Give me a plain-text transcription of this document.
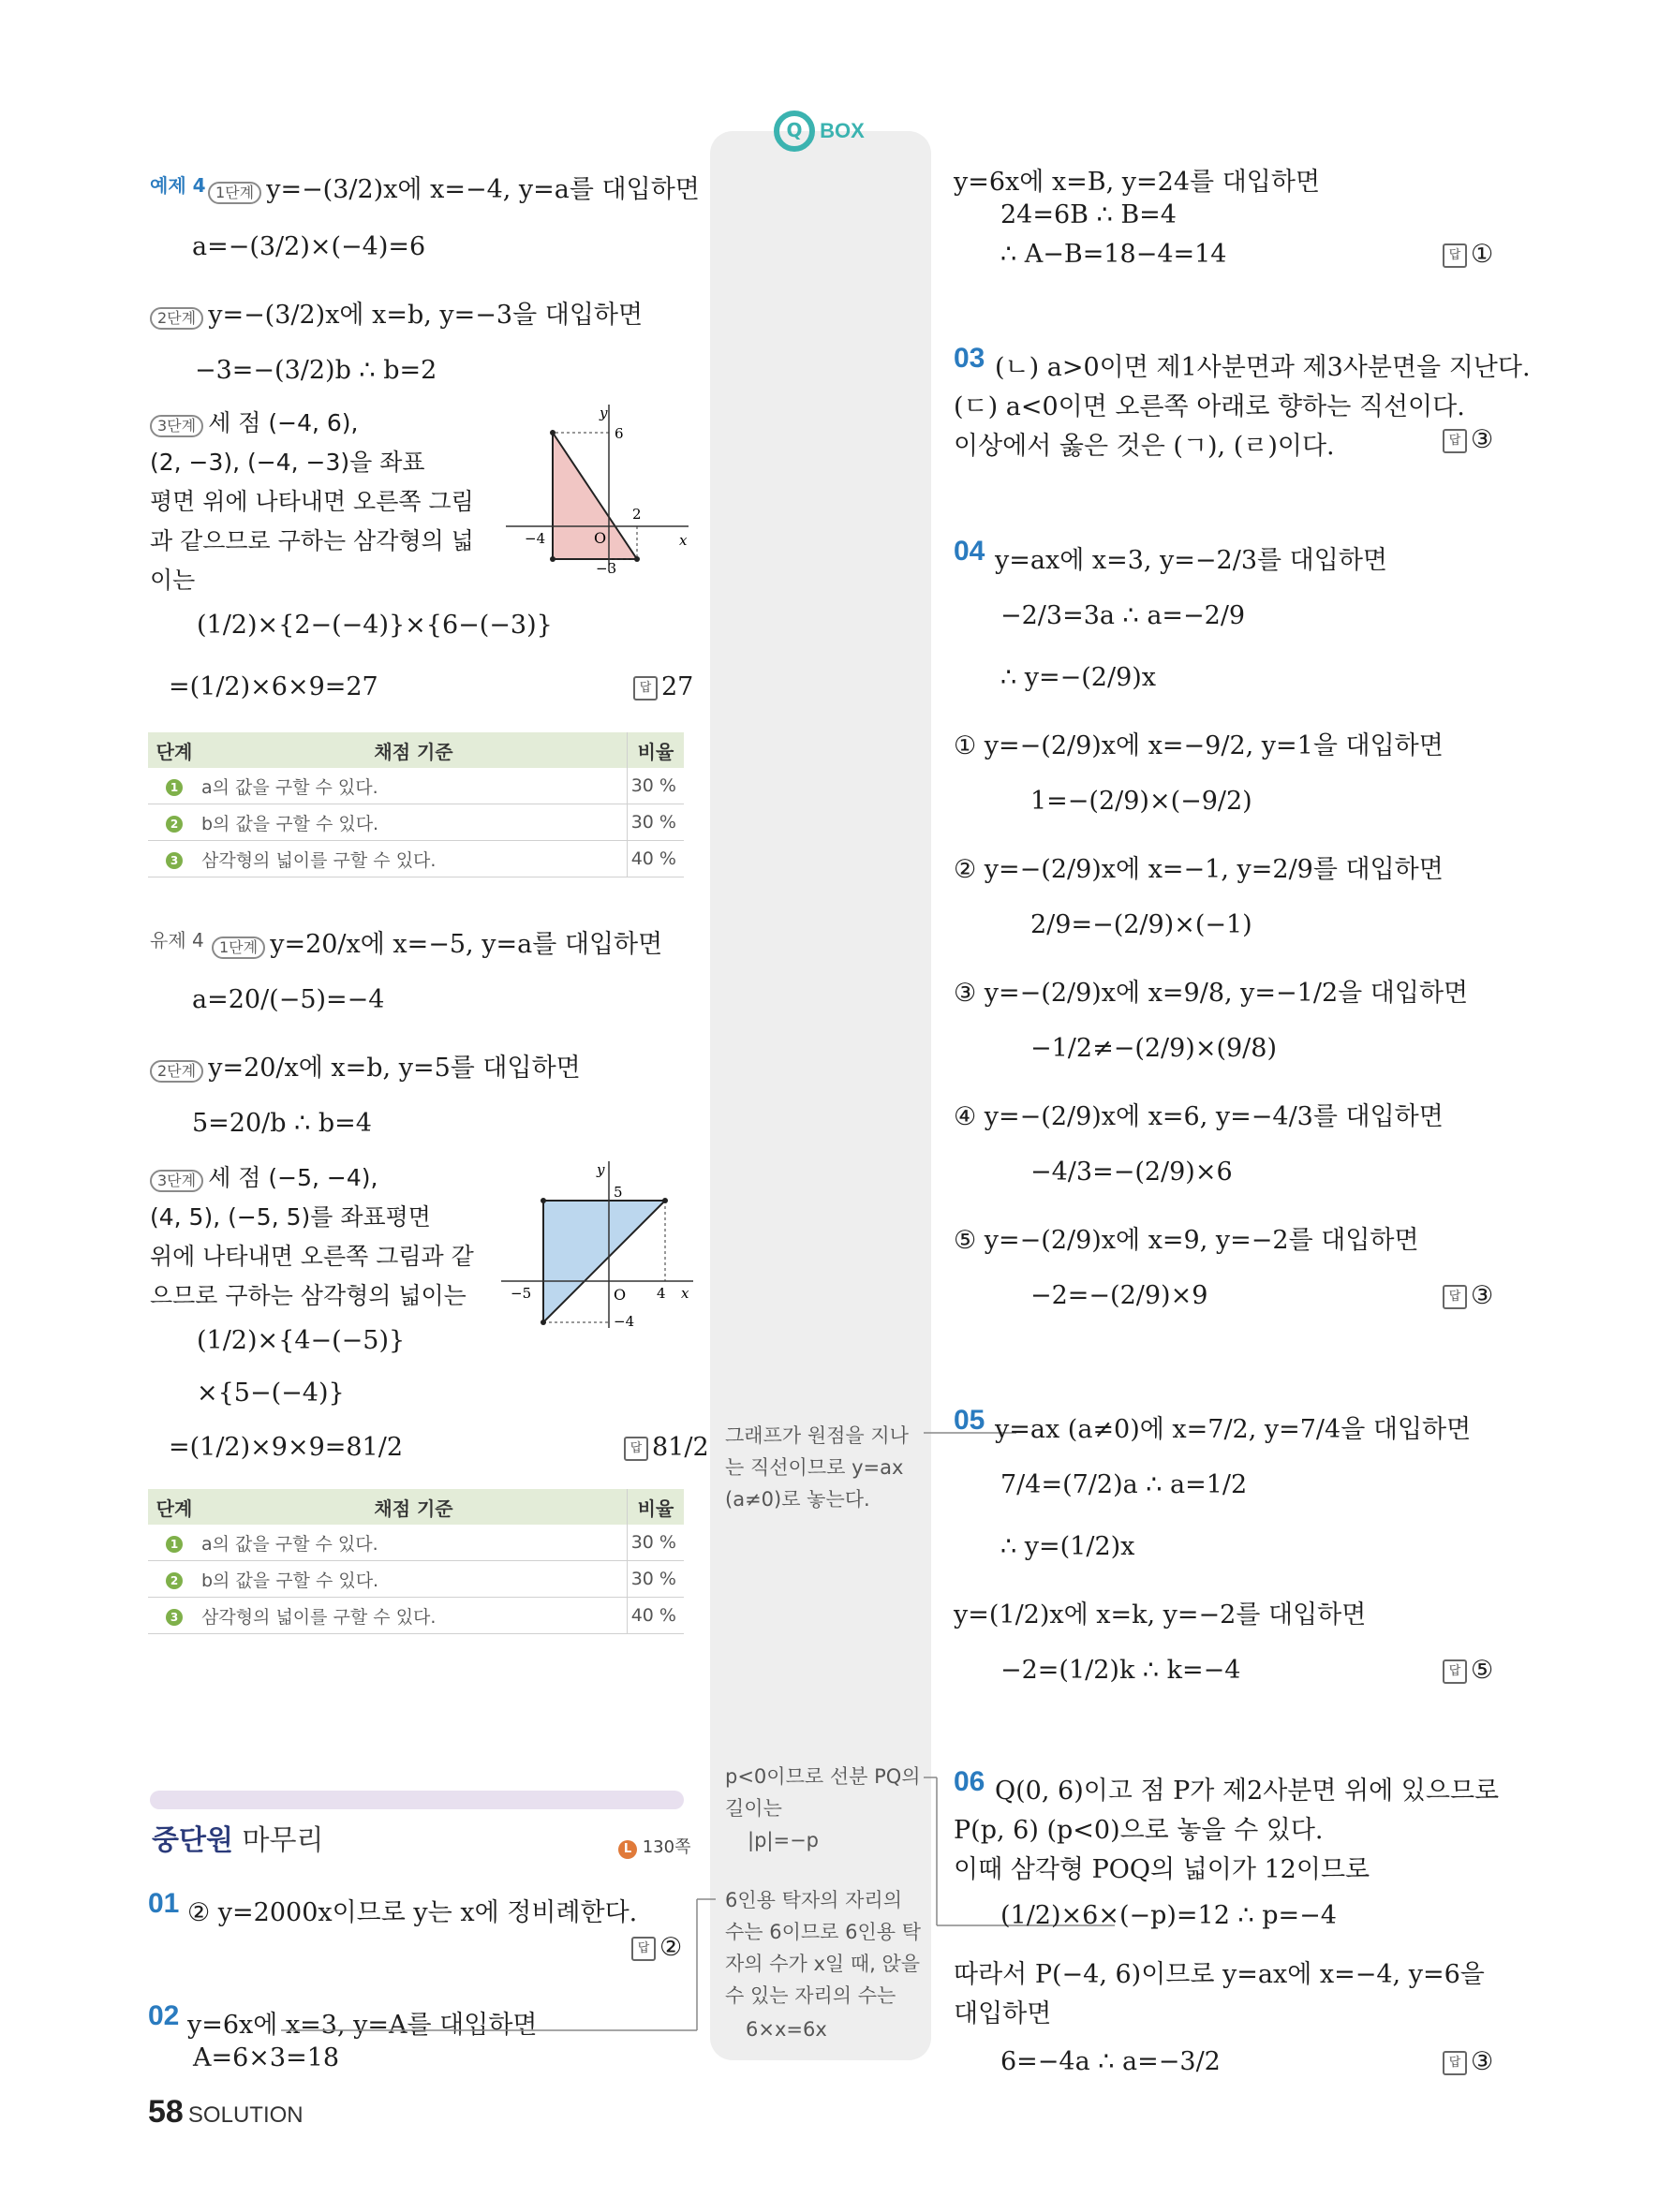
Q BOX
예제 4 1단계 y=−(3/2)x에 x=−4, y=a를 대입하면
a=−(3/2)×(−4)=6
2단계 y=−(3/2)x에 x=b, y=−3을 대입하면
−3=−(3/2)b ∴ b=2
3단계 세 점 (−4, 6),
(2, −3), (−4, −3)을 좌표
평면 위에 나타내면 오른쪽 그림
과 같으므로 구하는 삼각형의 넓
이는
y
x
O
6
2
−4
−3
(1/2)×{2−(−4)}×{6−(−3)}
=(1/2)×6×9=27	답 27
단계	채점 기준	비율
1	a의 값을 구할 수 있다.	30 %
2	b의 값을 구할 수 있다.	30 %
3	삼각형의 넓이를 구할 수 있다.	40 %
유제 4	1단계 y=20/x에 x=−5, y=a를 대입하면
a=20/(−5)=−4
2단계 y=20/x에 x=b, y=5를 대입하면
5=20/b ∴ b=4
3단계 세 점 (−5, −4),
(4, 5), (−5, 5)를 좌표평면
위에 나타내면 오른쪽 그림과 같
으므로 구하는 삼각형의 넓이는
y
x
O
5
4
−5
−4
(1/2)×{4−(−5)}
×{5−(−4)}
=(1/2)×9×9=81/2	답 81/2
단계	채점 기준	비율
1	a의 값을 구할 수 있다.	30 %
2	b의 값을 구할 수 있다.	30 %
3	삼각형의 넓이를 구할 수 있다.	40 %
중단원 마무리	L 130쪽
01 ② y=2000x이므로 y는 x에 정비례한다.
답 ②
02 y=6x에 x=3, y=A를 대입하면
A=6×3=18
그래프가 원점을 지나는 직선이므로 y=ax (a≠0)로 놓는다.
p<0이므로 선분 PQ의 길이는
|p|=−p
6인용 탁자의 자리의 수는 6이므로 6인용 탁자의 수가 x일 때, 앉을 수 있는 자리의 수는
6×x=6x
y=6x에 x=B, y=24를 대입하면
24=6B ∴ B=4
∴ A−B=18−4=14	답 ①
03 (ㄴ) a>0이면 제1사분면과 제3사분면을 지난다.
(ㄷ) a<0이면 오른쪽 아래로 향하는 직선이다.
이상에서 옳은 것은 (ㄱ), (ㄹ)이다.	답 ③
04 y=ax에 x=3, y=−2/3를 대입하면
−2/3=3a ∴ a=−2/9
∴ y=−(2/9)x
① y=−(2/9)x에 x=−9/2, y=1을 대입하면
1=−(2/9)×(−9/2)
② y=−(2/9)x에 x=−1, y=2/9를 대입하면
2/9=−(2/9)×(−1)
③ y=−(2/9)x에 x=9/8, y=−1/2을 대입하면
−1/2≠−(2/9)×(9/8)
④ y=−(2/9)x에 x=6, y=−4/3를 대입하면
−4/3=−(2/9)×6
⑤ y=−(2/9)x에 x=9, y=−2를 대입하면
−2=−(2/9)×9	답 ③
05 y=ax (a≠0)에 x=7/2, y=7/4을 대입하면
7/4=(7/2)a ∴ a=1/2
∴ y=(1/2)x
y=(1/2)x에 x=k, y=−2를 대입하면
−2=(1/2)k ∴ k=−4	답 ⑤
06 Q(0, 6)이고 점 P가 제2사분면 위에 있으므로
P(p, 6) (p<0)으로 놓을 수 있다.
이때 삼각형 POQ의 넓이가 12이므로
(1/2)×6×(−p)=12 ∴ p=−4
따라서 P(−4, 6)이므로 y=ax에 x=−4, y=6을
대입하면
6=−4a ∴ a=−3/2	답 ③
58 SOLUTION
